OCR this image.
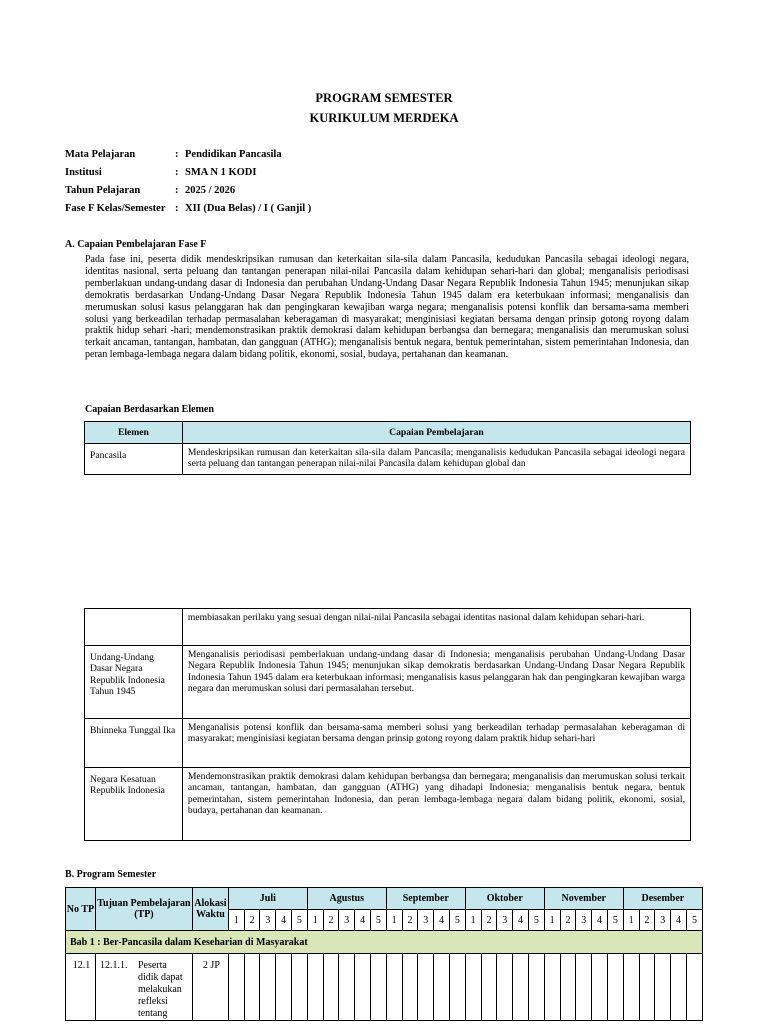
PROGRAM SEMESTER
KURIKULUM MERDEKA
Mata Pelajaran	: Pendidikan Pancasila
Institusi	: SMA N 1 KODI
Tahun Pelajaran	: 2025 / 2026
Fase F Kelas/Semester : XII (Dua Belas) / I ( Ganjil )
A. Capaian Pembelajaran Fase F
Pada fase ini, peserta didik mendeskripsikan rumusan dan keterkaitan sila-sila dalam Pancasila, kedudukan Pancasila sebagai ideologi negara, identitas nasional, serta peluang dan tantangan penerapan nilai-nilai Pancasila dalam kehidupan sehari-hari dan global; menganalisis periodisasi pemberlakuan undang-undang dasar di Indonesia dan perubahan Undang-Undang Dasar Negara Republik Indonesia Tahun 1945; menunjukan sikap demokratis berdasarkan Undang-Undang Dasar Negara Republik Indonesia Tahun 1945 dalam era keterbukaan informasi; menganalisis dan merumuskan solusi kasus pelanggaran hak dan pengingkaran kewajiban warga negara; menganalisis potensi konflik dan bersama-sama memberi solusi yang berkeadilan terhadap permasalahan keberagaman di masyarakat; menginisiasi kegiatan bersama dengan prinsip gotong royong dalam praktik hidup sehari -hari; mendemonstrasikan praktik demokrasi dalam kehidupan berbangsa dan bernegara; menganalisis dan merumuskan solusi terkait ancaman, tantangan, hambatan, dan gangguan (ATHG); menganalisis bentuk negara, bentuk pemerintahan, sistem pemerintahan Indonesia, dan peran lembaga-lembaga negara dalam bidang politik, ekonomi, sosial, budaya, pertahanan dan keamanan.
Capaian Berdasarkan Elemen
Elemen	Capaian Pembelajaran
Pancasila	Mendeskripsikan rumusan dan keterkaitan sila-sila dalam Pancasila; menganalisis kedudukan Pancasila sebagai ideologi negara serta peluang dan tantangan penerapan nilai-nilai Pancasila dalam kehidupan global dan
	membiasakan perilaku yang sesuai dengan nilai-nilai Pancasila sebagai identitas nasional dalam kehidupan sehari-hari.
Undang-Undang Dasar Negara Republik Indonesia Tahun 1945	Menganalisis periodisasi pemberlakuan undang-undang dasar di Indonesia; menganalisis perubahan Undang-Undang Dasar Negara Republik Indonesia Tahun 1945; menunjukan sikap demokratis berdasarkan Undang-Undang Dasar Negara Republik Indonesia Tahun 1945 dalam era keterbukaan informasi; menganalisis kasus pelanggaran hak dan pengingkaran kewajiban warga negara dan merumuskan solusi dari permasalahan tersebut.
Bhinneka Tunggal Ika	Menganalisis potensi konflik dan bersama-sama memberi solusi yang berkeadilan terhadap permasalahan keberagaman di masyarakat; menginisiasi kegiatan bersama dengan prinsip gotong royong dalam praktik hidup sehari-hari
Negara Kesatuan Republik Indonesia	Mendemonstrasikan praktik demokrasi dalam kehidupan berbangsa dan bernegara; menganalisis dan merumuskan solusi terkait ancaman, tantangan, hambatan, dan gangguan (ATHG) yang dihadapi Indonesia; menganalisis bentuk negara, bentuk pemerintahan, sistem pemerintahan Indonesia, dan peran lembaga-lembaga negara dalam bidang politik, ekonomi, sosial, budaya, pertahanan dan keamanan.
B. Program Semester
No TP	Tujuan Pembelajaran (TP)	Alokasi Waktu	Juli					Agustus					September					Oktober					November					Desember				
			1	2	3	4	5	1	2	3	4	5	1	2	3	4	5	1	2	3	4	5	1	2	3	4	5	1	2	3	4	5
Bab 1 : Ber-Pancasila dalam Keseharian di Masyarakat																																
12.1	12.1.1. Peserta didik dapat melakukan refleksi tentang	2 JP																														
